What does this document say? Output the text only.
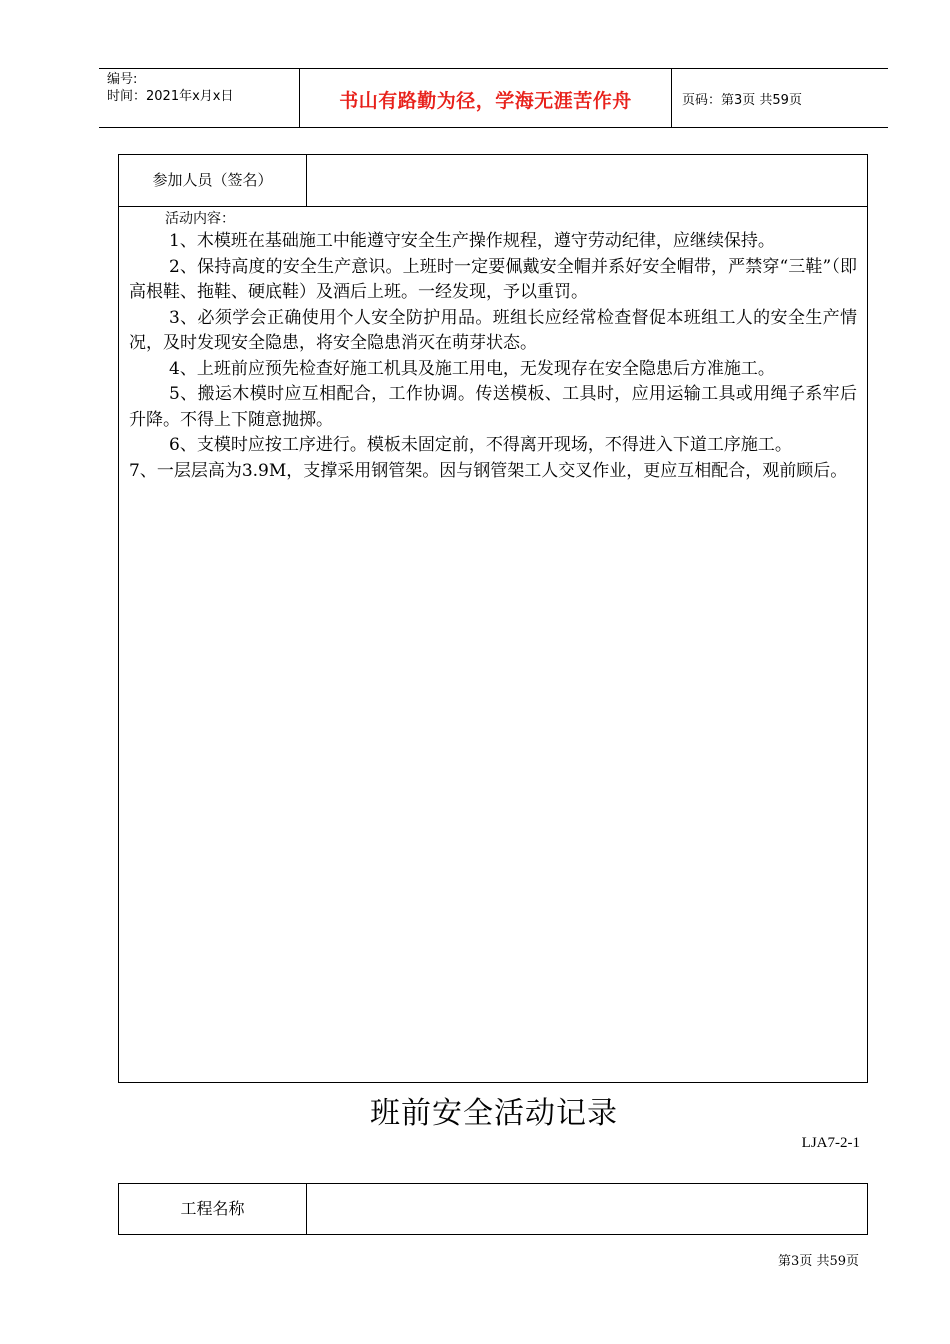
编号:
时间：2021年x月x日	书山有路勤为径，学海无涯苦作舟	页码：第3页 共59页
参加人员（签名）
活动内容：

1、木模班在基础施工中能遵守安全生产操作规程，遵守劳动纪律，应继续保持。

2、保持高度的安全生产意识。上班时一定要佩戴安全帽并系好安全帽带，严禁穿“三鞋”（即高根鞋、拖鞋、硬底鞋）及酒后上班。一经发现，予以重罚。

3、必须学会正确使用个人安全防护用品。班组长应经常检查督促本班组工人的安全生产情况，及时发现安全隐患，将安全隐患消灭在萌芽状态。

4、上班前应预先检查好施工机具及施工用电，无发现存在安全隐患后方准施工。

5、搬运木模时应互相配合，工作协调。传送模板、工具时，应用运输工具或用绳子系牢后升降。不得上下随意抛掷。

6、支模时应按工序进行。模板未固定前，不得离开现场，不得进入下道工序施工。

7、一层层高为3.9M，支撑采用钢管架。因与钢管架工人交叉作业，更应互相配合，观前顾后。

班前安全活动记录
LJA7-2-1
工程名称
第3页 共59页
